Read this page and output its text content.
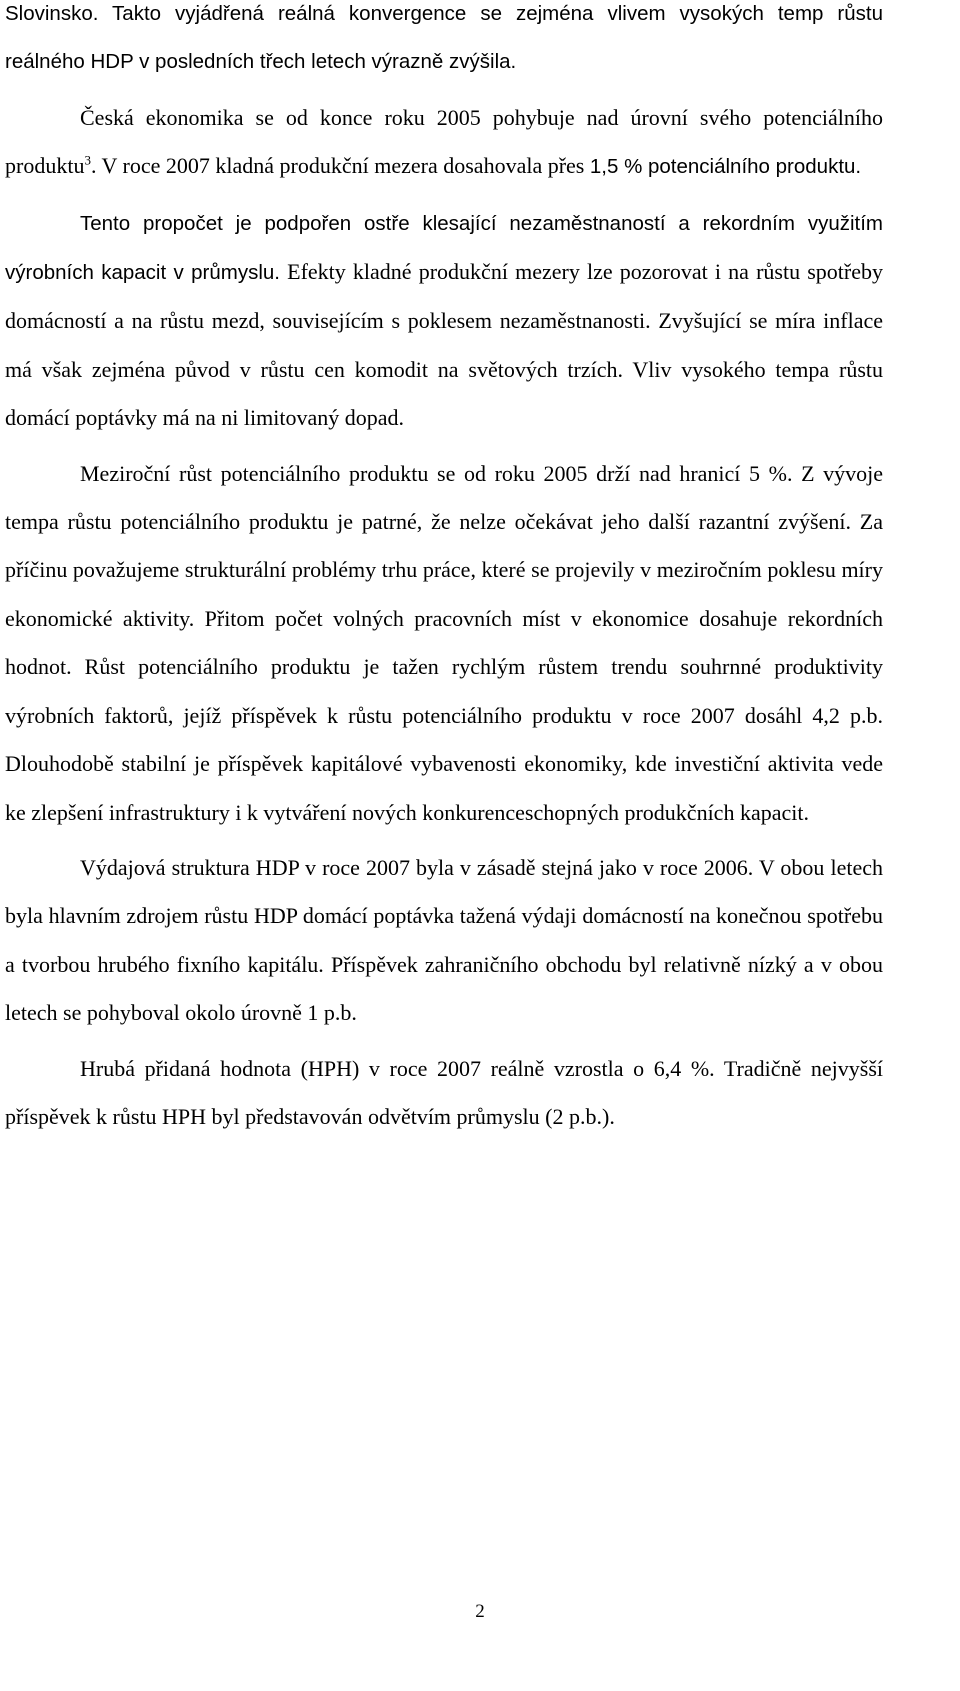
Slovinsko. Takto vyjádřená reálná konvergence se zejména vlivem vysokých temp růstu reálného HDP v posledních třech letech výrazně zvýšila.

Česká ekonomika se od konce roku 2005 pohybuje nad úrovní svého potenciálního produktu$^3$. V roce 2007 kladná produkční mezera dosahovala přes 1,5 % potenciálního produktu.

Tento propočet je podpořen ostře klesající nezaměstnaností a rekordním využitím výrobních kapacit v průmyslu. Efekty kladné produkční mezery lze pozorovat i na růstu spotřeby domácností a na růstu mezd, souvisejícím s poklesem nezaměstnanosti. Zvyšující se míra inflace má však zejména původ v růstu cen komodit na světových trzích. Vliv vysokého tempa růstu domácí poptávky má na ni limitovaný dopad.

Meziroční růst potenciálního produktu se od roku 2005 drží nad hranicí 5 %. Z vývoje tempa růstu potenciálního produktu je patrné, že nelze očekávat jeho další razantní zvýšení. Za příčinu považujeme strukturální problémy trhu práce, které se projevily v meziročním poklesu míry ekonomické aktivity. Přitom počet volných pracovních míst v ekonomice dosahuje rekordních hodnot. Růst potenciálního produktu je tažen rychlým růstem trendu souhrnné produktivity výrobních faktorů, jejíž příspěvek k růstu potenciálního produktu v roce 2007 dosáhl 4,2 p.b. Dlouhodobě stabilní je příspěvek kapitálové vybavenosti ekonomiky, kde investiční aktivita vede ke zlepšení infrastruktury i k vytváření nových konkurenceschopných produkčních kapacit.

Výdajová struktura HDP v roce 2007 byla v zásadě stejná jako v roce 2006. V obou letech byla hlavním zdrojem růstu HDP domácí poptávka tažená výdaji domácností na konečnou spotřebu a tvorbou hrubého fixního kapitálu. Příspěvek zahraničního obchodu byl relativně nízký a v obou letech se pohyboval okolo úrovně 1 p.b.

Hrubá přidaná hodnota (HPH) v roce 2007 reálně vzrostla o 6,4 %. Tradičně nejvyšší příspěvek k růstu HPH byl představován odvětvím průmyslu (2 p.b.).

2
